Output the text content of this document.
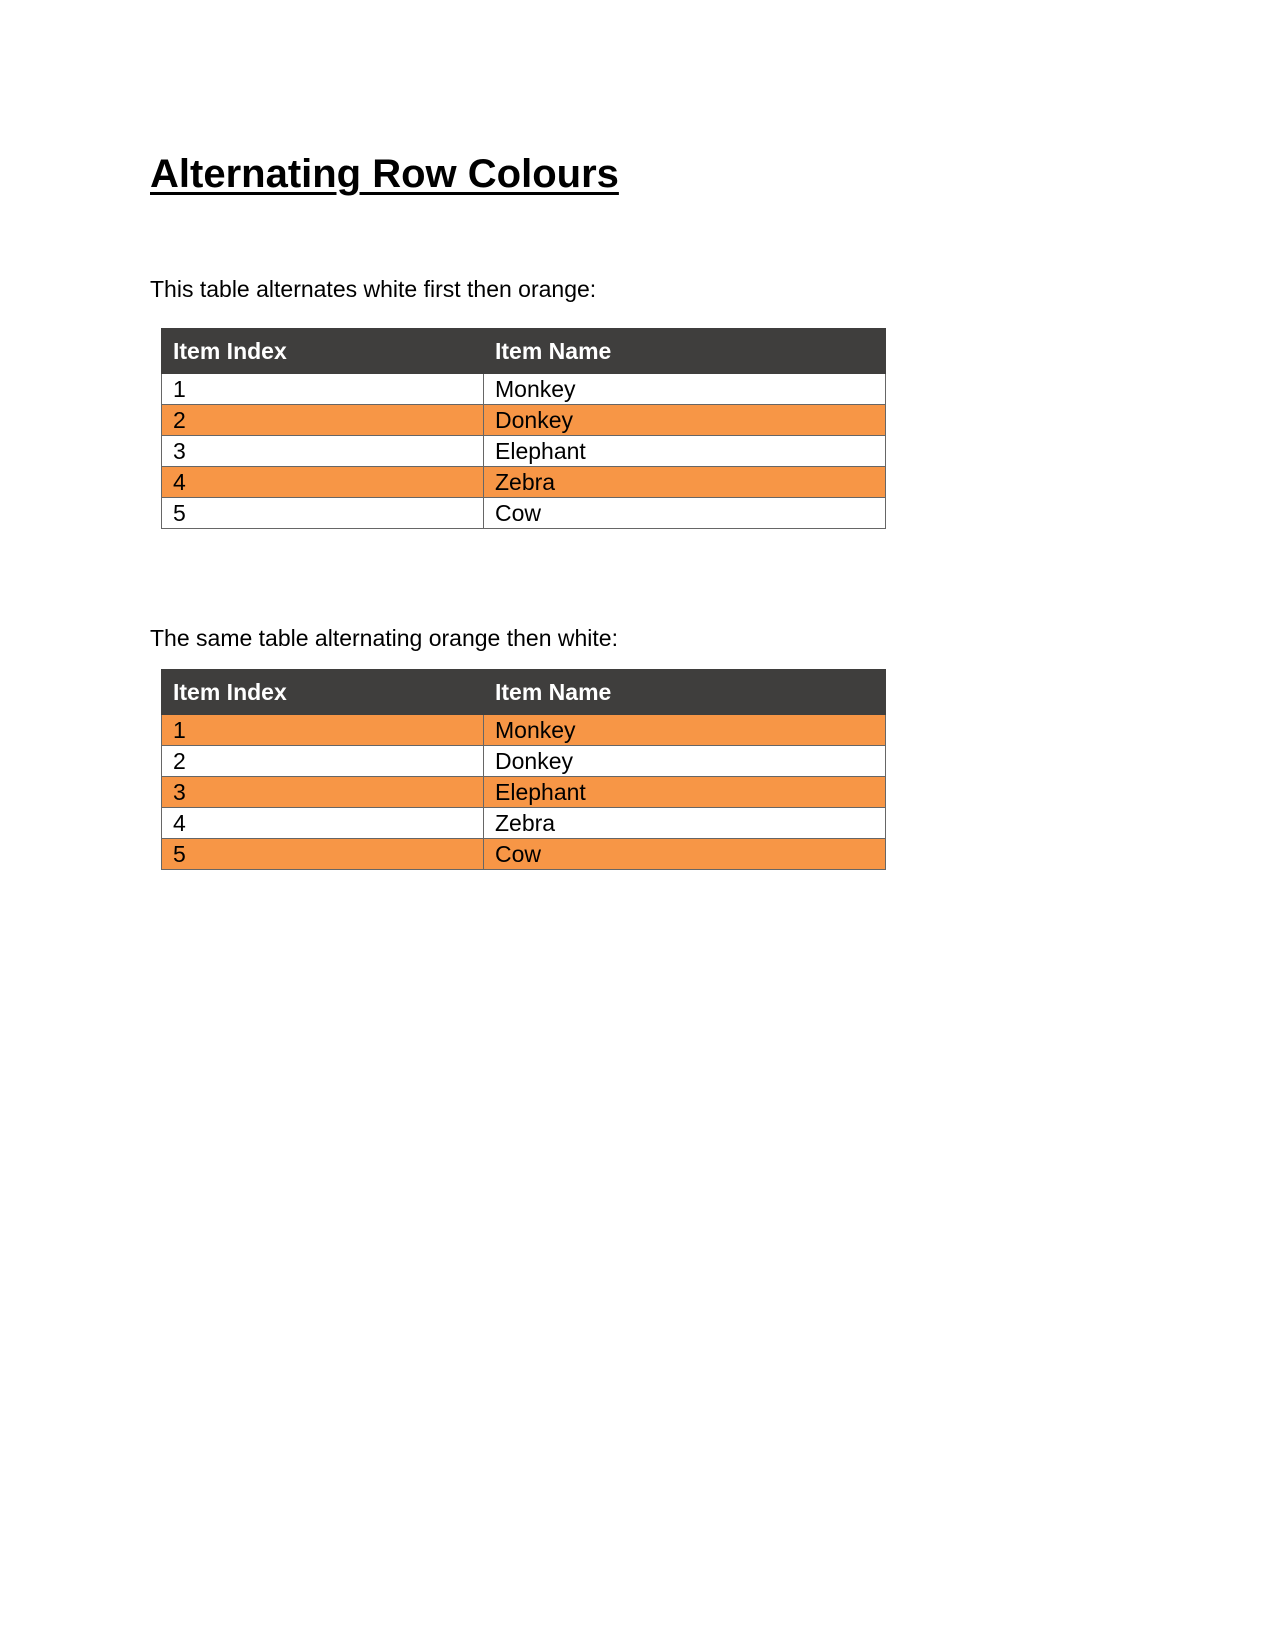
Alternating Row Colours

This table alternates white first then orange:

Item Index	Item Name
1	Monkey
2	Donkey
3	Elephant
4	Zebra
5	Cow

The same table alternating orange then white:

Item Index	Item Name
1	Monkey
2	Donkey
3	Elephant
4	Zebra
5	Cow
